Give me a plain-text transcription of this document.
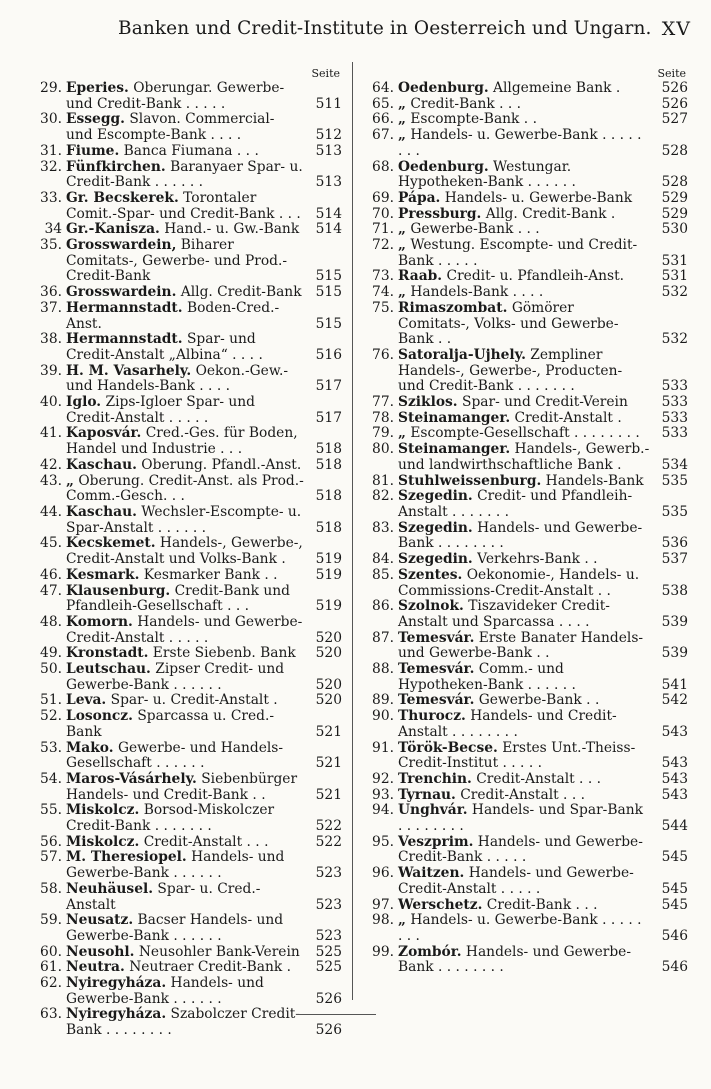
Banken und Credit-Institute in Oesterreich und Ungarn. XV
Seite
29. Eperies. Oberungar. Gewerbe- und Credit-Bank . . . . .	511
30. Essegg. Slavon. Commercial- und Escompte-Bank . . . .	512
31. Fiume. Banca Fiumana . . .	513
32. Fünfkirchen. Baranyaer Spar- u. Credit-Bank . . . . . .	513
33. Gr. Becskerek. Torontaler Comit.-Spar- und Credit-Bank . . .	514
34 Gr.-Kanisza. Hand.- u. Gw.-Bank	514
35. Grosswardein, Biharer Comitats-, Gewerbe- und Prod.-Credit-Bank	515
36. Grosswardein. Allg. Credit-Bank	515
37. Hermannstadt. Boden-Cred.-Anst.	515
38. Hermannstadt. Spar- und Credit-Anstalt „Albina“ . . . .	516
39. H. M. Vasarhely. Oekon.-Gew.- und Handels-Bank . . . .	517
40. Iglo. Zips-Igloer Spar- und Credit-Anstalt . . . . .	517
41. Kaposvár. Cred.-Ges. für Boden, Handel und Industrie . . .	518
42. Kaschau. Oberung. Pfandl.-Anst.	518
43. „ Oberung. Credit-Anst. als Prod.-Comm.-Gesch. . .	518
44. Kaschau. Wechsler-Escompte- u. Spar-Anstalt . . . . . .	518
45. Kecskemet. Handels-, Gewerbe-, Credit-Anstalt und Volks-Bank .	519
46. Kesmark. Kesmarker Bank . .	519
47. Klausenburg. Credit-Bank und Pfandleih-Gesellschaft . . .	519
48. Komorn. Handels- und Gewerbe-Credit-Anstalt . . . . .	520
49. Kronstadt. Erste Siebenb. Bank	520
50. Leutschau. Zipser Credit- und Gewerbe-Bank . . . . . .	520
51. Leva. Spar- u. Credit-Anstalt .	520
52. Losoncz. Sparcassa u. Cred.-Bank	521
53. Mako. Gewerbe- und Handels-Gesellschaft . . . . . .	521
54. Maros-Vásárhely. Siebenbürger Handels- und Credit-Bank . .	521
55. Miskolcz. Borsod-Miskolczer Credit-Bank . . . . . . .	522
56. Miskolcz. Credit-Anstalt . . .	522
57. M. Theresiopel. Handels- und Gewerbe-Bank . . . . . .	523
58. Neuhäusel. Spar- u. Cred.-Anstalt	523
59. Neusatz. Bacser Handels- und Gewerbe-Bank . . . . . .	523
60. Neusohl. Neusohler Bank-Verein	525
61. Neutra. Neutraer Credit-Bank .	525
62. Nyiregyháza. Handels- und Gewerbe-Bank . . . . . .	526
63. Nyiregyháza. Szabolczer Credit-Bank . . . . . . . .	526
Seite
64. Oedenburg. Allgemeine Bank .	526
65. „ Credit-Bank . . .	526
66. „ Escompte-Bank . .	527
67. „ Handels- u. Gewerbe-Bank . . . . . . . .	528
68. Oedenburg. Westungar. Hypotheken-Bank . . . . . .	528
69. Pápa. Handels- u. Gewerbe-Bank	529
70. Pressburg. Allg. Credit-Bank .	529
71. „ Gewerbe-Bank . . .	530
72. „ Westung. Escompte- und Credit-Bank . . . . .	531
73. Raab. Credit- u. Pfandleih-Anst.	531
74. „ Handels-Bank . . . .	532
75. Rimaszombat. Gömörer Comitats-, Volks- und Gewerbe-Bank . .	532
76. Satoralja-Ujhely. Zempliner Handels-, Gewerbe-, Producten- und Credit-Bank . . . . . . .	533
77. Sziklos. Spar- und Credit-Verein	533
78. Steinamanger. Credit-Anstalt .	533
79. „ Escompte-Gesellschaft . . . . . . . .	533
80. Steinamanger. Handels-, Gewerb.- und landwirthschaftliche Bank .	534
81. Stuhlweissenburg. Handels-Bank	535
82. Szegedin. Credit- und Pfandleih-Anstalt . . . . . . .	535
83. Szegedin. Handels- und Gewerbe-Bank . . . . . . . .	536
84. Szegedin. Verkehrs-Bank . .	537
85. Szentes. Oekonomie-, Handels- u. Commissions-Credit-Anstalt . .	538
86. Szolnok. Tiszavideker Credit-Anstalt und Sparcassa . . . .	539
87. Temesvár. Erste Banater Handels- und Gewerbe-Bank . .	539
88. Temesvár. Comm.- und Hypotheken-Bank . . . . . .	541
89. Temesvár. Gewerbe-Bank . .	542
90. Thurocz. Handels- und Credit-Anstalt . . . . . . . .	543
91. Török-Becse. Erstes Unt.-Theiss-Credit-Institut . . . . .	543
92. Trenchin. Credit-Anstalt . . .	543
93. Tyrnau. Credit-Anstalt . . .	543
94. Unghvár. Handels- und Spar-Bank . . . . . . . .	544
95. Veszprim. Handels- und Gewerbe-Credit-Bank . . . . .	545
96. Waitzen. Handels- und Gewerbe-Credit-Anstalt . . . . .	545
97. Werschetz. Credit-Bank . . .	545
98. „ Handels- u. Gewerbe-Bank . . . . . . . .	546
99. Zombór. Handels- und Gewerbe-Bank . . . . . . . .	546
